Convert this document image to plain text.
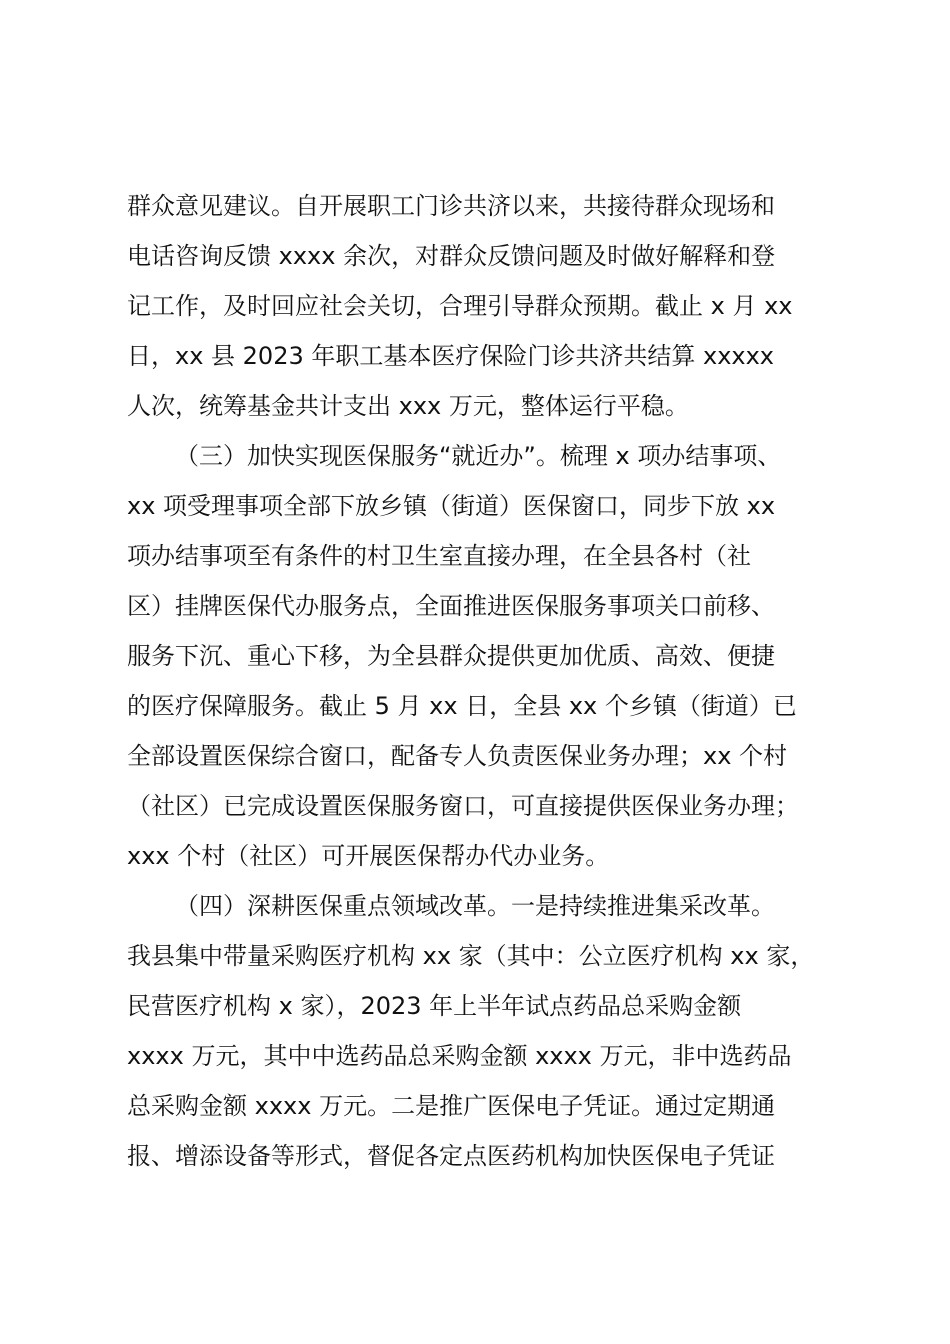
群众意见建议。自开展职工门诊共济以来，共接待群众现场和
电话咨询反馈 xxxx 余次，对群众反馈问题及时做好解释和登
记工作，及时回应社会关切，合理引导群众预期。截止 x 月 xx
日，xx 县 2023 年职工基本医疗保险门诊共济共结算 xxxxx
人次，统筹基金共计支出 xxx 万元，整体运行平稳。
（三）加快实现医保服务“就近办”。梳理 x 项办结事项、
xx 项受理事项全部下放乡镇（街道）医保窗口，同步下放 xx
项办结事项至有条件的村卫生室直接办理，在全县各村（社
区）挂牌医保代办服务点，全面推进医保服务事项关口前移、
服务下沉、重心下移，为全县群众提供更加优质、高效、便捷
的医疗保障服务。截止 5 月 xx 日，全县 xx 个乡镇（街道）已
全部设置医保综合窗口，配备专人负责医保业务办理；xx 个村
（社区）已完成设置医保服务窗口，可直接提供医保业务办理；
xxx 个村（社区）可开展医保帮办代办业务。
（四）深耕医保重点领域改革。一是持续推进集采改革。
我县集中带量采购医疗机构 xx 家（其中：公立医疗机构 xx 家，
民营医疗机构 x 家），2023 年上半年试点药品总采购金额
xxxx 万元，其中中选药品总采购金额 xxxx 万元，非中选药品
总采购金额 xxxx 万元。二是推广医保电子凭证。通过定期通
报、增添设备等形式，督促各定点医药机构加快医保电子凭证
